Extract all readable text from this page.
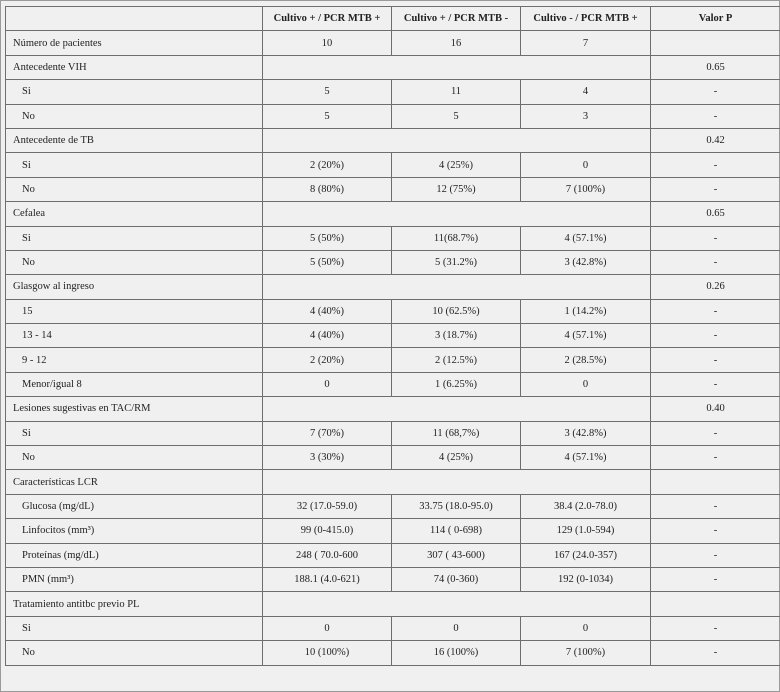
	Cultivo + / PCR MTB +	Cultivo + / PCR MTB -	Cultivo - / PCR MTB +	Valor P
Número de pacientes	10	16	7	
Antecedente VIH				0.65
Si	5	11	4	-
No	5	5	3	-
Antecedente de TB				0.42
Si	2 (20%)	4 (25%)	0	-
No	8 (80%)	12 (75%)	7 (100%)	-
Cefalea				0.65
Si	5 (50%)	11(68.7%)	4 (57.1%)	-
No	5 (50%)	5 (31.2%)	3 (42.8%)	-
Glasgow al ingreso				0.26
15	4 (40%)	10 (62.5%)	1 (14.2%)	-
13 - 14	4 (40%)	3 (18.7%)	4 (57.1%)	-
9 - 12	2 (20%)	2 (12.5%)	2 (28.5%)	-
Menor/igual 8	0	1 (6.25%)	0	-
Lesiones sugestivas en TAC/RM				0.40
Si	7 (70%)	11 (68,7%)	3 (42.8%)	-
No	3 (30%)	4 (25%)	4 (57.1%)	-
Características LCR				
Glucosa (mg/dL)	32 (17.0-59.0)	33.75 (18.0-95.0)	38.4 (2.0-78.0)	-
Linfocitos (mm³)	99 (0-415.0)	114 ( 0-698)	129 (1.0-594)	-
Proteínas (mg/dL)	248 ( 70.0-600	307 ( 43-600)	167 (24.0-357)	-
PMN (mm³)	188.1 (4.0-621)	74 (0-360)	192 (0-1034)	-
Tratamiento antitbc previo PL				
Si	0	0	0	-
No	10 (100%)	16 (100%)	7 (100%)	-
